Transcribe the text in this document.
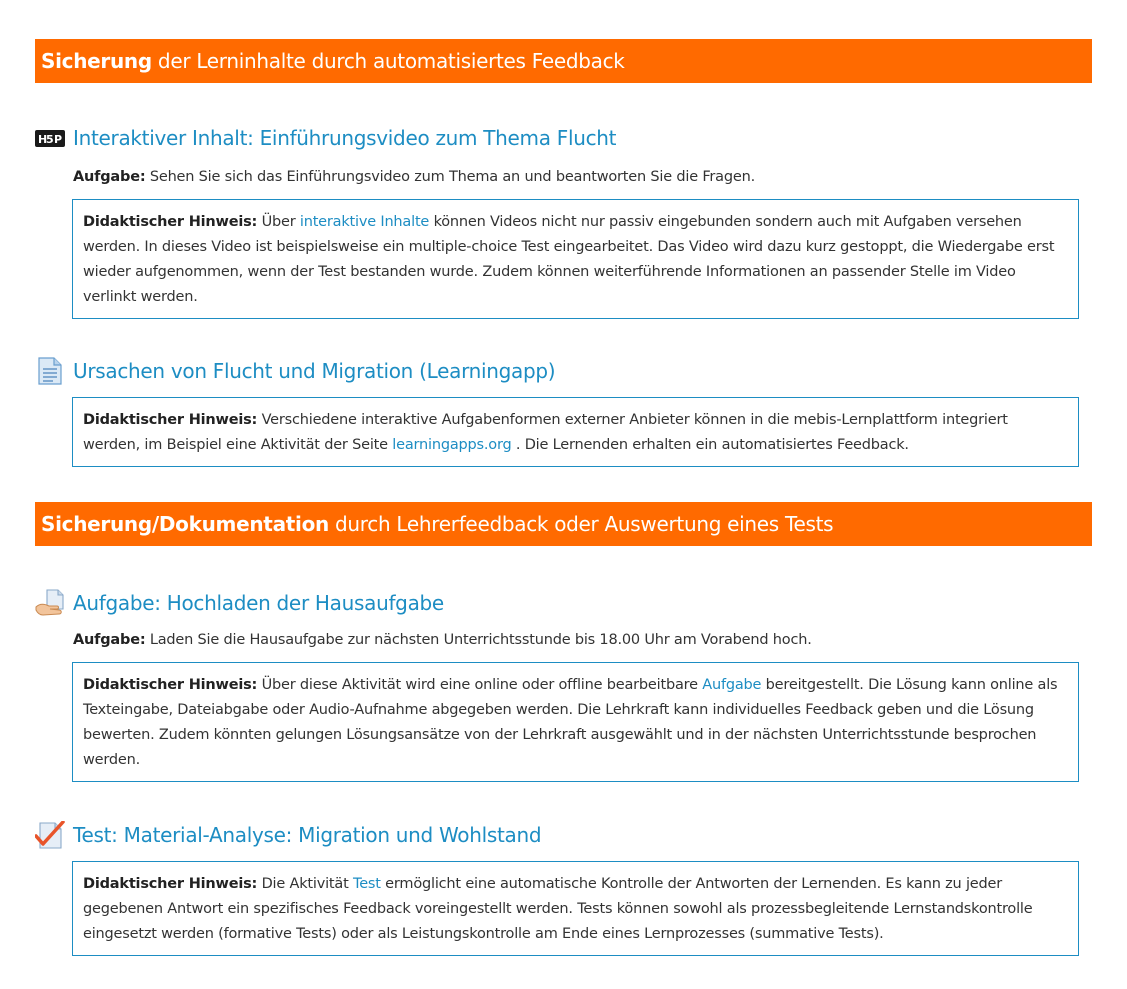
Sicherung der Lerninhalte durch automatisiertes Feedback
H
5 P Interaktiver Inhalt: Einführungsvideo zum Thema Flucht
Aufgabe: Sehen Sie sich das Einführungsvideo zum Thema an und beantworten Sie die Fragen.
Didaktischer Hinweis: Über interaktive Inhalte können Videos nicht nur passiv eingebunden sondern auch mit Aufgaben versehen werden. In dieses Video ist beispielsweise ein multiple-choice Test eingearbeitet. Das Video wird dazu kurz gestoppt, die Wiedergabe erst wieder aufgenommen, wenn der Test bestanden wurde. Zudem können weiterführende Informationen an passender Stelle im Video verlinkt werden.
Ursachen von Flucht und Migration (Learningapp)
Didaktischer Hinweis: Verschiedene interaktive Aufgabenformen externer Anbieter können in die mebis-Lernplattform integriert werden, im Beispiel eine Aktivität der Seite learningapps.org . Die Lernenden erhalten ein automatisiertes Feedback.
Sicherung/Dokumentation durch Lehrerfeedback oder Auswertung eines Tests
Aufgabe: Hochladen der Hausaufgabe
Aufgabe: Laden Sie die Hausaufgabe zur nächsten Unterrichtsstunde bis 18.00 Uhr am Vorabend hoch.
Didaktischer Hinweis: Über diese Aktivität wird eine online oder offline bearbeitbare Aufgabe bereitgestellt. Die Lösung kann online als Texteingabe, Dateiabgabe oder Audio-Aufnahme abgegeben werden. Die Lehrkraft kann individuelles Feedback geben und die Lösung bewerten. Zudem könnten gelungen Lösungsansätze von der Lehrkraft ausgewählt und in der nächsten Unterrichtsstunde besprochen werden.
Test: Material-Analyse: Migration und Wohlstand
Didaktischer Hinweis: Die Aktivität Test ermöglicht eine automatische Kontrolle der Antworten der Lernenden. Es kann zu jeder gegebenen Antwort ein spezifisches Feedback voreingestellt werden. Tests können sowohl als prozessbegleitende Lernstandskontrolle eingesetzt werden (formative Tests) oder als Leistungskontrolle am Ende eines Lernprozesses (summative Tests).
